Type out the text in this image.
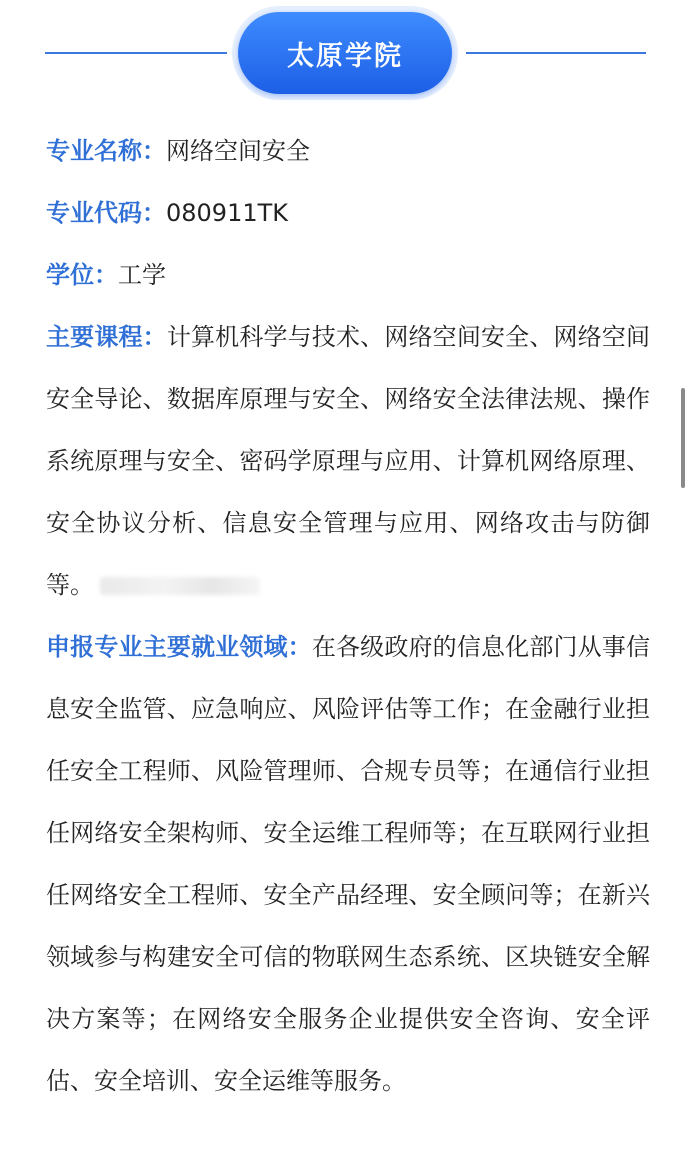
太原学院

专业名称：网络空间安全

专业代码：080911TK

学位：工学

主要课程：计算机科学与技术、网络空间安全、网络空间安全导论、数据库原理与安全、网络安全法律法规、操作系统原理与安全、密码学原理与应用、计算机网络原理、安全协议分析、信息安全管理与应用、网络攻击与防御等。

申报专业主要就业领域：在各级政府的信息化部门从事信息安全监管、应急响应、风险评估等工作；在金融行业担任安全工程师、风险管理师、合规专员等；在通信行业担任网络安全架构师、安全运维工程师等；在互联网行业担任网络安全工程师、安全产品经理、安全顾问等；在新兴领域参与构建安全可信的物联网生态系统、区块链安全解决方案等；在网络安全服务企业提供安全咨询、安全评估、安全培训、安全运维等服务。
